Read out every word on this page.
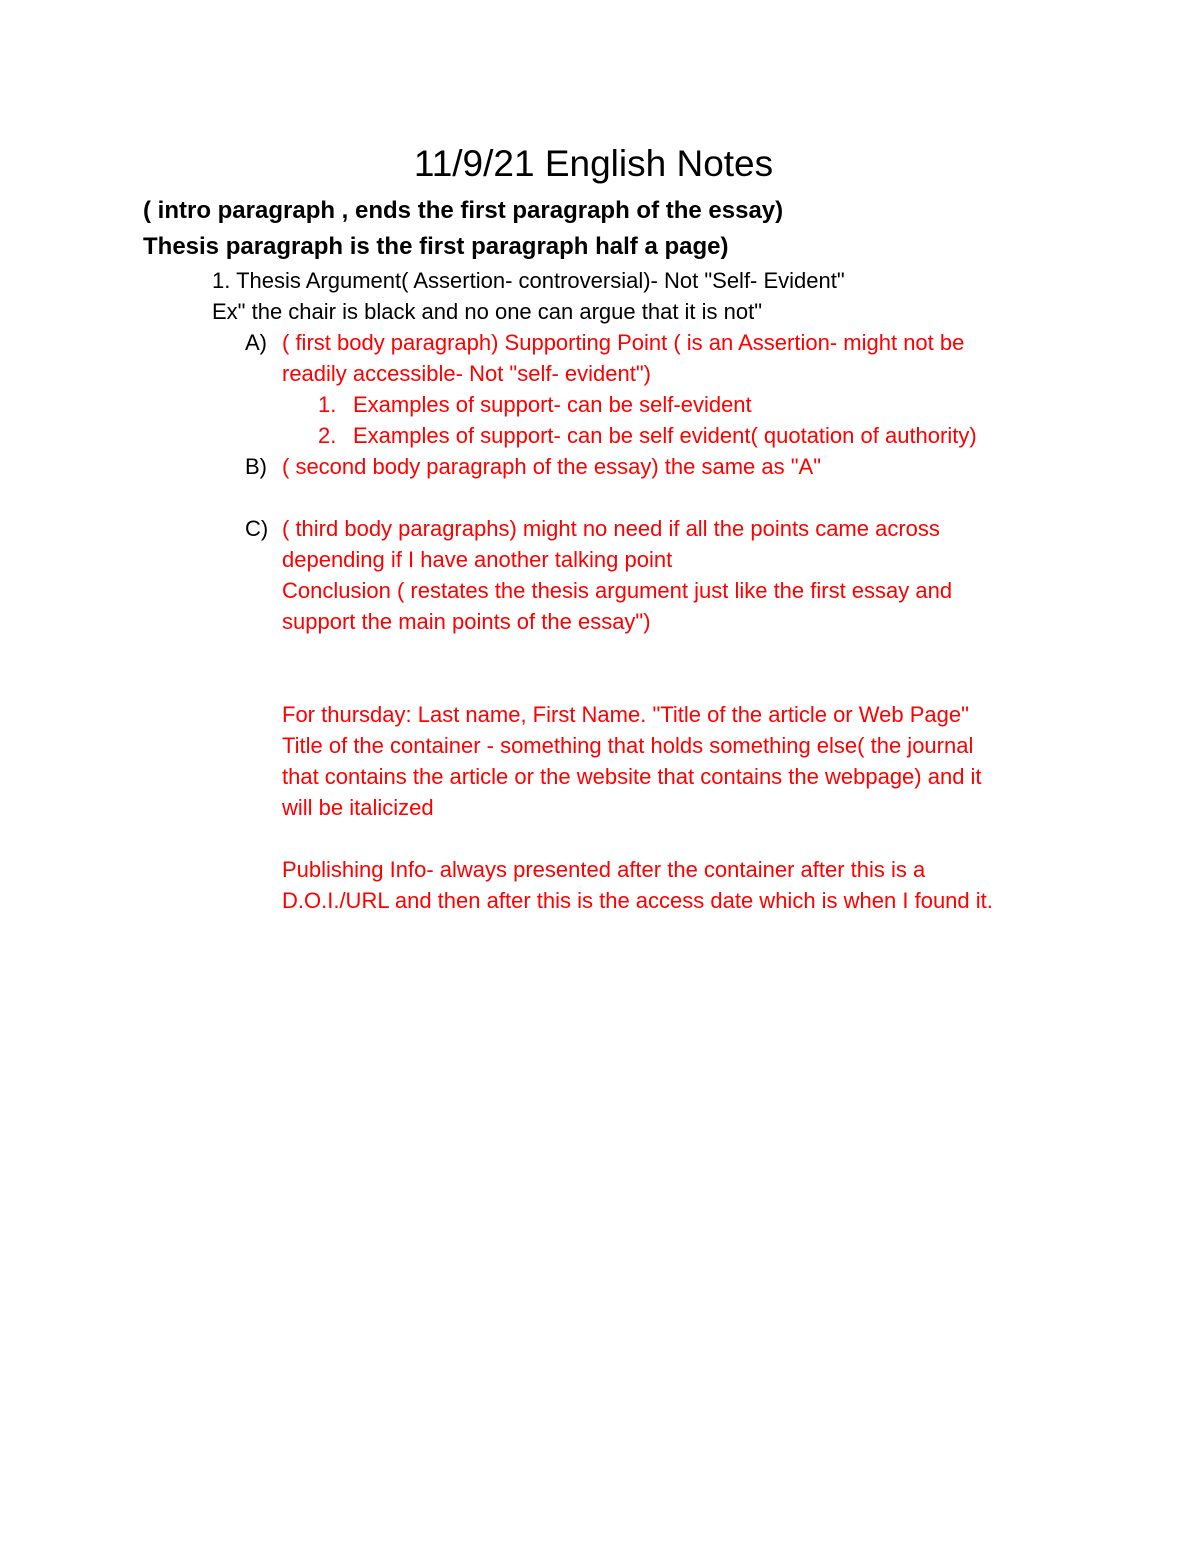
11/9/21 English Notes
( intro paragraph , ends the first paragraph of the essay)
Thesis paragraph is the first paragraph half a page)
1. Thesis Argument( Assertion- controversial)- Not "Self- Evident"
Ex" the chair is black and no one can argue that it is not"
A) ( first body paragraph) Supporting Point ( is an Assertion- might not be
readily accessible- Not "self- evident")
1. Examples of support- can be self-evident
2. Examples of support- can be self evident( quotation of authority)
B) ( second body paragraph of the essay) the same as "A"
C) ( third body paragraphs) might no need if all the points came across
depending if I have another talking point
Conclusion ( restates the thesis argument just like the first essay and
support the main points of the essay")
For thursday: Last name, First Name. "Title of the article or Web Page"
Title of the container - something that holds something else( the journal
that contains the article or the website that contains the webpage) and it
will be italicized
Publishing Info- always presented after the container after this is a
D.O.I./URL and then after this is the access date which is when I found it.
